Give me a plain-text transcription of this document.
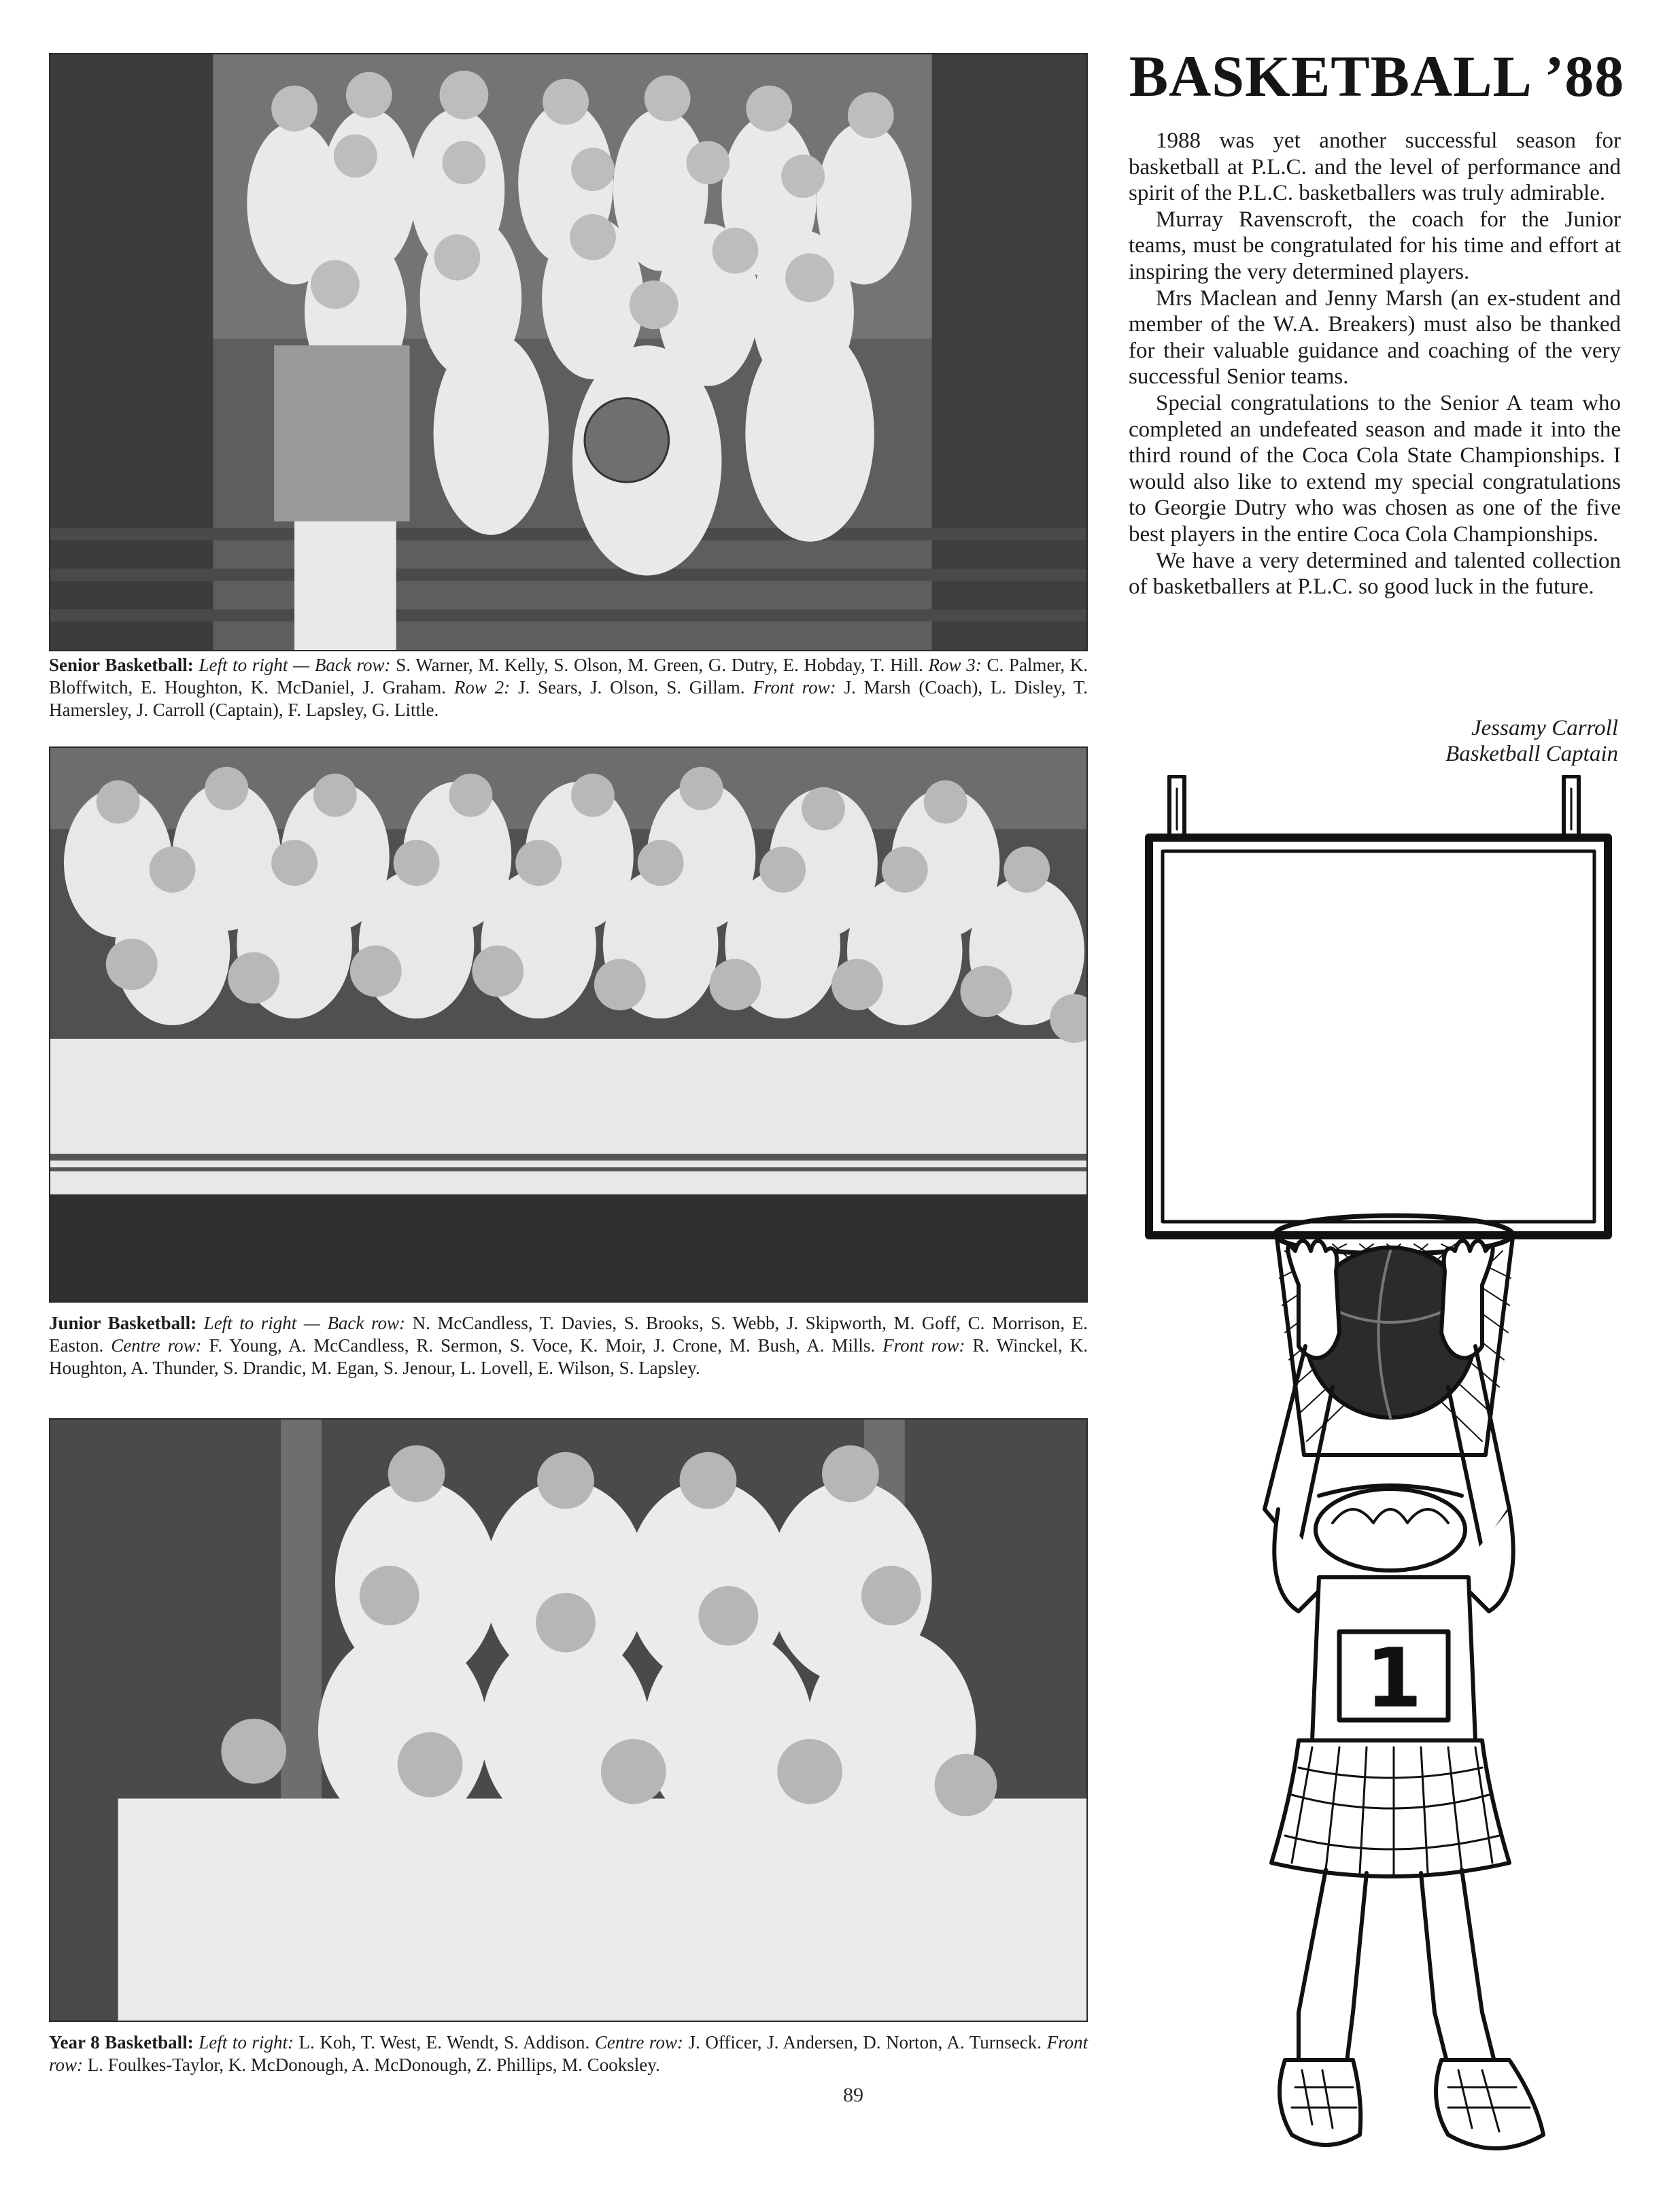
Senior Basketball: Left to right — Back row: S. Warner, M. Kelly, S. Olson, M. Green, G. Dutry, E. Hobday, T. Hill. Row 3: C. Palmer, K. Bloffwitch, E. Houghton, K. McDaniel, J. Graham. Row 2: J. Sears, J. Olson, S. Gillam. Front row: J. Marsh (Coach), L. Disley, T. Hamersley, J. Carroll (Captain), F. Lapsley, G. Little.
Junior Basketball: Left to right — Back row: N. McCandless, T. Davies, S. Brooks, S. Webb, J. Skipworth, M. Goff, C. Morrison, E. Easton. Centre row: F. Young, A. McCandless, R. Sermon, S. Voce, K. Moir, J. Crone, M. Bush, A. Mills. Front row: R. Winckel, K. Houghton, A. Thunder, S. Drandic, M. Egan, S. Jenour, L. Lovell, E. Wilson, S. Lapsley.
Year 8 Basketball: Left to right: L. Koh, T. West, E. Wendt, S. Addison. Centre row: J. Officer, J. Andersen, D. Norton, A. Turnseck. Front row: L. Foulkes-Taylor, K. McDonough, A. McDonough, Z. Phillips, M. Cooksley.
BASKETBALL ’88

1988 was yet another successful season for basketball at P.L.C. and the level of performance and spirit of the P.L.C. basketballers was truly admirable.

Murray Ravenscroft, the coach for the Junior teams, must be congratulated for his time and effort at inspiring the very determined players.

Mrs Maclean and Jenny Marsh (an ex-student and member of the W.A. Breakers) must also be thanked for their valuable guidance and coaching of the very successful Senior teams.

Special congratulations to the Senior A team who completed an undefeated season and made it into the third round of the Coca Cola State Championships. I would also like to extend my special congratulations to Georgie Dutry who was chosen as one of the five best players in the entire Coca Cola Championships.

We have a very determined and talented collection of basketballers at P.L.C. so good luck in the future.

Jessamy Carroll
Basketball Captain
1
89
